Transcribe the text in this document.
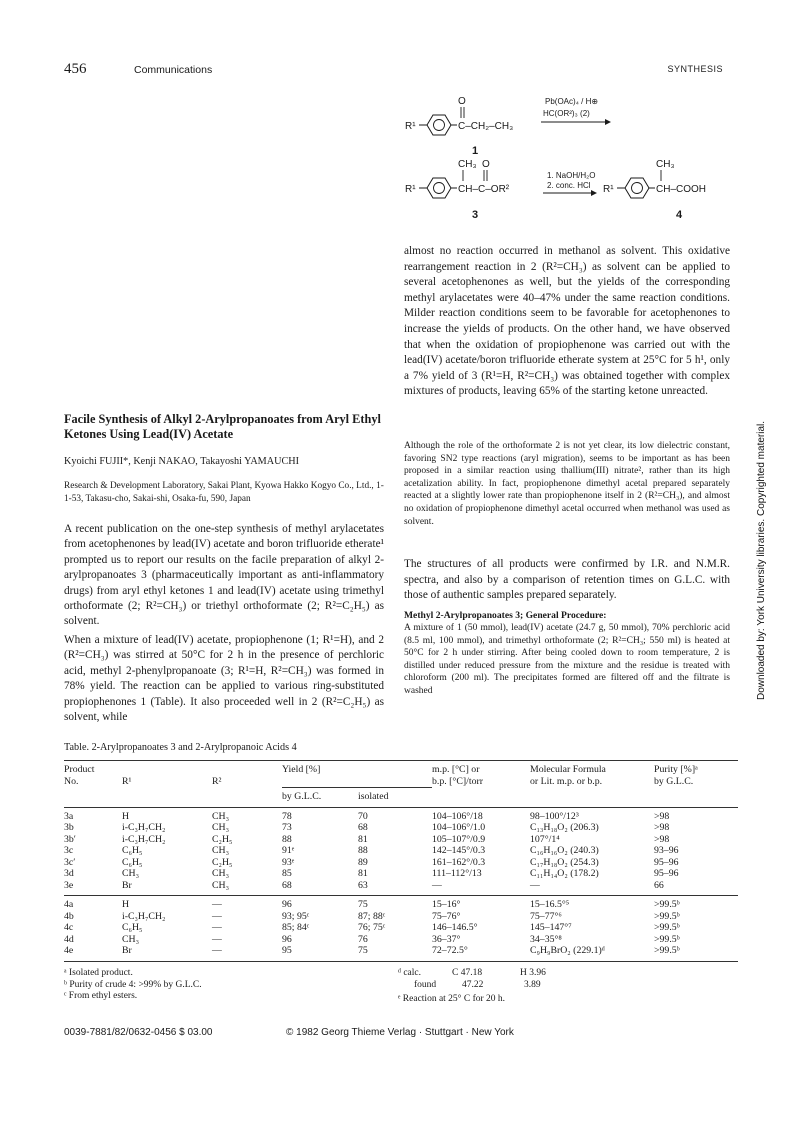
456	Communications	SYNTHESIS
R¹	C–CH₂–CH₃
O
1
Pb(OAc)₄ / H⊕
HC(OR²)₃ (2)
R¹	CH–C–OR²
CH₃ O
3
1. NaOH/H₂O
2. conc. HCl R¹	CH–COOH
CH₃
4
almost no reaction occurred in methanol as solvent. This oxidative rearrangement reaction in 2 (R²=CH₃) as solvent can be applied to several acetophenones as well, but the yields of the corresponding methyl arylacetates were 40–47% under the same reaction conditions. Milder reaction conditions seem to be favorable for acetophenones to increase the yields of products. On the other hand, we have observed that when the oxidation of propiophenone was carried out with the lead(IV) acetate/boron trifluoride etherate system at 25°C for 5 h¹, only a 7% yield of 3 (R¹=H, R²=CH₃) was obtained together with complex mixtures of products, leaving 65% of the starting ketone unreacted.
Although the role of the orthoformate 2 is not yet clear, its low dielectric constant, favoring SN2 type reactions (aryl migration), seems to be important as has been proposed in a similar reaction using thallium(III) nitrate², rather than its high acetalization ability. In fact, propiophenone dimethyl acetal prepared separately reacted at a slightly lower rate than propiophenone itself in 2 (R²=CH₃), and almost no oxidation of propiophenone dimethyl acetal occurred when methanol was used as solvent.
The structures of all products were confirmed by I.R. and N.M.R. spectra, and also by a comparison of retention times on G.L.C. with those of authentic samples prepared separately.
Methyl 2-Arylpropanoates 3; General Procedure:
A mixture of 1 (50 mmol), lead(IV) acetate (24.7 g, 50 mmol), 70% perchloric acid (8.5 ml, 100 mmol), and trimethyl orthoformate (2; R²=CH₃; 550 ml) is heated at 50°C for 2 h under stirring. After being cooled down to room temperature, 2 is distilled under reduced pressure from the mixture and the residue is treated with chloroform (200 ml). The precipitates formed are filtered off and the filtrate is washed
Facile Synthesis of Alkyl 2-Arylpropanoates from Aryl Ethyl Ketones Using Lead(IV) Acetate
Kyoichi FUJII*, Kenji NAKAO, Takayoshi YAMAUCHI
Research & Development Laboratory, Sakai Plant, Kyowa Hakko Kogyo Co., Ltd., 1-1-53, Takasu-cho, Sakai-shi, Osaka-fu, 590, Japan
A recent publication on the one-step synthesis of methyl arylacetates from acetophenones by lead(IV) acetate and boron trifluoride etherate¹ prompted us to report our results on the facile preparation of alkyl 2-arylpropanoates 3 (pharmaceutically important as anti-inflammatory drugs) from aryl ethyl ketones 1 and lead(IV) acetate using trimethyl orthoformate (2; R²=CH₃) or triethyl orthoformate (2; R²=C₂H₅) as solvent.
When a mixture of lead(IV) acetate, propiophenone (1; R¹=H), and 2 (R²=CH₃) was stirred at 50°C for 2 h in the presence of perchloric acid, methyl 2-phenylpropanoate (3; R¹=H, R²=CH₃) was formed in 78% yield. The reaction can be applied to various ring-substituted propiophenones 1 (Table). It also proceeded well in 2 (R²=C₂H₅) as solvent, while
Table. 2-Arylpropanoates 3 and 2-Arylpropanoic Acids 4
Product			Yield [%]		m.p. [°C] or	Molecular Formula	Purity [%]ᵃ
No.	R¹	R²			b.p. [°C]/torr	or Lit. m.p. or b.p.	by G.L.C.
			by G.L.C.	isolated			
3a	H	CH₃	78	70	104–106°/18	98–100°/12³	>98
3b	i-C₃H₇CH₂	CH₃	73	68	104–106°/1.0	C₁₃H₁₈O₂ (206.3)	>98
3b′	i-C₃H₇CH₂	C₂H₅	88	81	105–107°/0.9	107°/1⁴	>98
3c	C₆H₅	CH₃	91ᵉ	88	142–145°/0.3	C₁₆H₁₆O₂ (240.3)	93–96
3c′	C₆H₅	C₂H₅	93ᵉ	89	161–162°/0.3	C₁₇H₁₈O₂ (254.3)	95–96
3d	CH₃	CH₃	85	81	111–112°/13	C₁₁H₁₄O₂ (178.2)	95–96
3e	Br	CH₃	68	63	—	—	66
4a	H	—	96	75	15–16°	15–16.5°⁵	>99.5ᵇ
4b	i-C₃H₇CH₂	—	93; 95ᶜ	87; 88ᶜ	75–76°	75–77°⁶	>99.5ᵇ
4c	C₆H₅	—	85; 84ᶜ	76; 75ᶜ	146–146.5°	145–147°⁷	>99.5ᵇ
4d	CH₃	—	96	76	36–37°	34–35°⁸	>99.5ᵇ
4e	Br	—	95	75	72–72.5°	C₉H₉BrO₂ (229.1)ᵈ	>99.5ᵇ
ᵃ Isolated product.
ᵇ Purity of crude 4: >99% by G.L.C.
ᶜ From ethyl esters.
ᵈ calc.	C 47.18	H 3.96
found	47.22	3.89
ᵉ Reaction at 25° C for 20 h.
Downloaded by: York University libraries. Copyrighted material.
0039-7881/82/0632-0456 $ 03.00	© 1982 Georg Thieme Verlag · Stuttgart · New York
